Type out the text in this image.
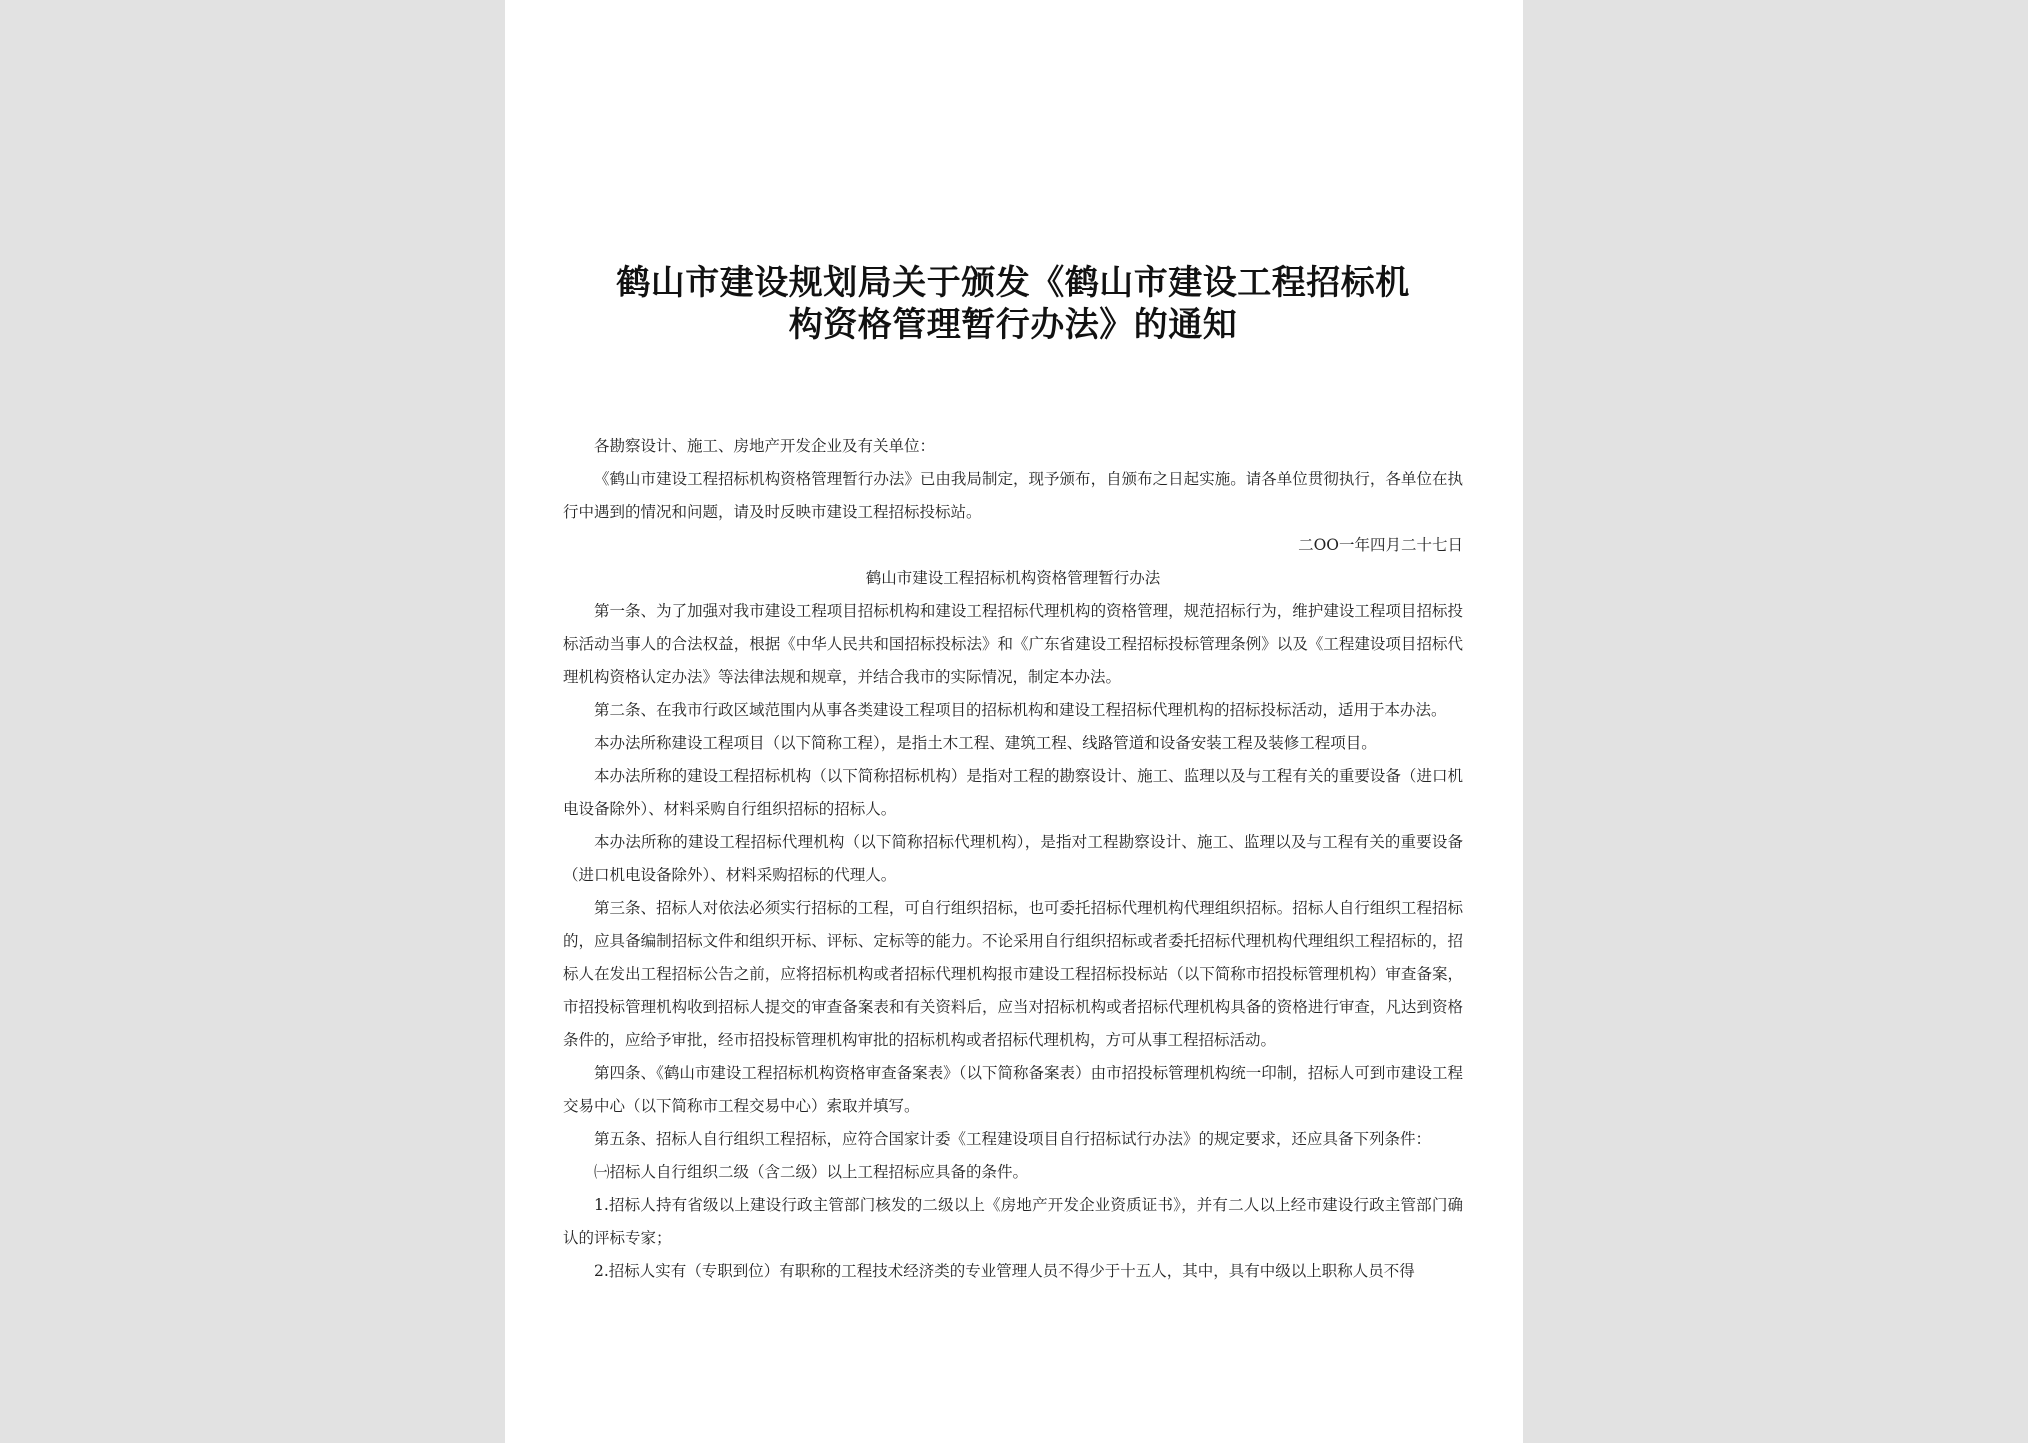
鹤山市建设规划局关于颁发《鹤山市建设工程招标机
构资格管理暂行办法》的通知

各勘察设计、施工、房地产开发企业及有关单位：

《鹤山市建设工程招标机构资格管理暂行办法》已由我局制定，现予颁布，自颁布之日起实施。请各单位贯彻执行，各单位在执行中遇到的情况和问题，请及时反映市建设工程招标投标站。

二OO一年四月二十七日

鹤山市建设工程招标机构资格管理暂行办法

第一条、为了加强对我市建设工程项目招标机构和建设工程招标代理机构的资格管理，规范招标行为，维护建设工程项目招标投标活动当事人的合法权益，根据《中华人民共和国招标投标法》和《广东省建设工程招标投标管理条例》以及《工程建设项目招标代理机构资格认定办法》等法律法规和规章，并结合我市的实际情况，制定本办法。

第二条、在我市行政区域范围内从事各类建设工程项目的招标机构和建设工程招标代理机构的招标投标活动，适用于本办法。

本办法所称建设工程项目（以下简称工程），是指土木工程、建筑工程、线路管道和设备安装工程及装修工程项目。

本办法所称的建设工程招标机构（以下简称招标机构）是指对工程的勘察设计、施工、监理以及与工程有关的重要设备（进口机电设备除外）、材料采购自行组织招标的招标人。

本办法所称的建设工程招标代理机构（以下简称招标代理机构），是指对工程勘察设计、施工、监理以及与工程有关的重要设备（进口机电设备除外）、材料采购招标的代理人。

第三条、招标人对依法必须实行招标的工程，可自行组织招标，也可委托招标代理机构代理组织招标。招标人自行组织工程招标的，应具备编制招标文件和组织开标、评标、定标等的能力。不论采用自行组织招标或者委托招标代理机构代理组织工程招标的，招标人在发出工程招标公告之前，应将招标机构或者招标代理机构报市建设工程招标投标站（以下简称市招投标管理机构）审查备案，市招投标管理机构收到招标人提交的审查备案表和有关资料后，应当对招标机构或者招标代理机构具备的资格进行审查，凡达到资格条件的，应给予审批，经市招投标管理机构审批的招标机构或者招标代理机构，方可从事工程招标活动。

第四条、《鹤山市建设工程招标机构资格审查备案表》（以下简称备案表）由市招投标管理机构统一印制，招标人可到市建设工程交易中心（以下简称市工程交易中心）索取并填写。

第五条、招标人自行组织工程招标，应符合国家计委《工程建设项目自行招标试行办法》的规定要求，还应具备下列条件：

㈠招标人自行组织二级（含二级）以上工程招标应具备的条件。

1.招标人持有省级以上建设行政主管部门核发的二级以上《房地产开发企业资质证书》，并有二人以上经市建设行政主管部门确认的评标专家；

2.招标人实有（专职到位）有职称的工程技术经济类的专业管理人员不得少于十五人，其中，具有中级以上职称人员不得
